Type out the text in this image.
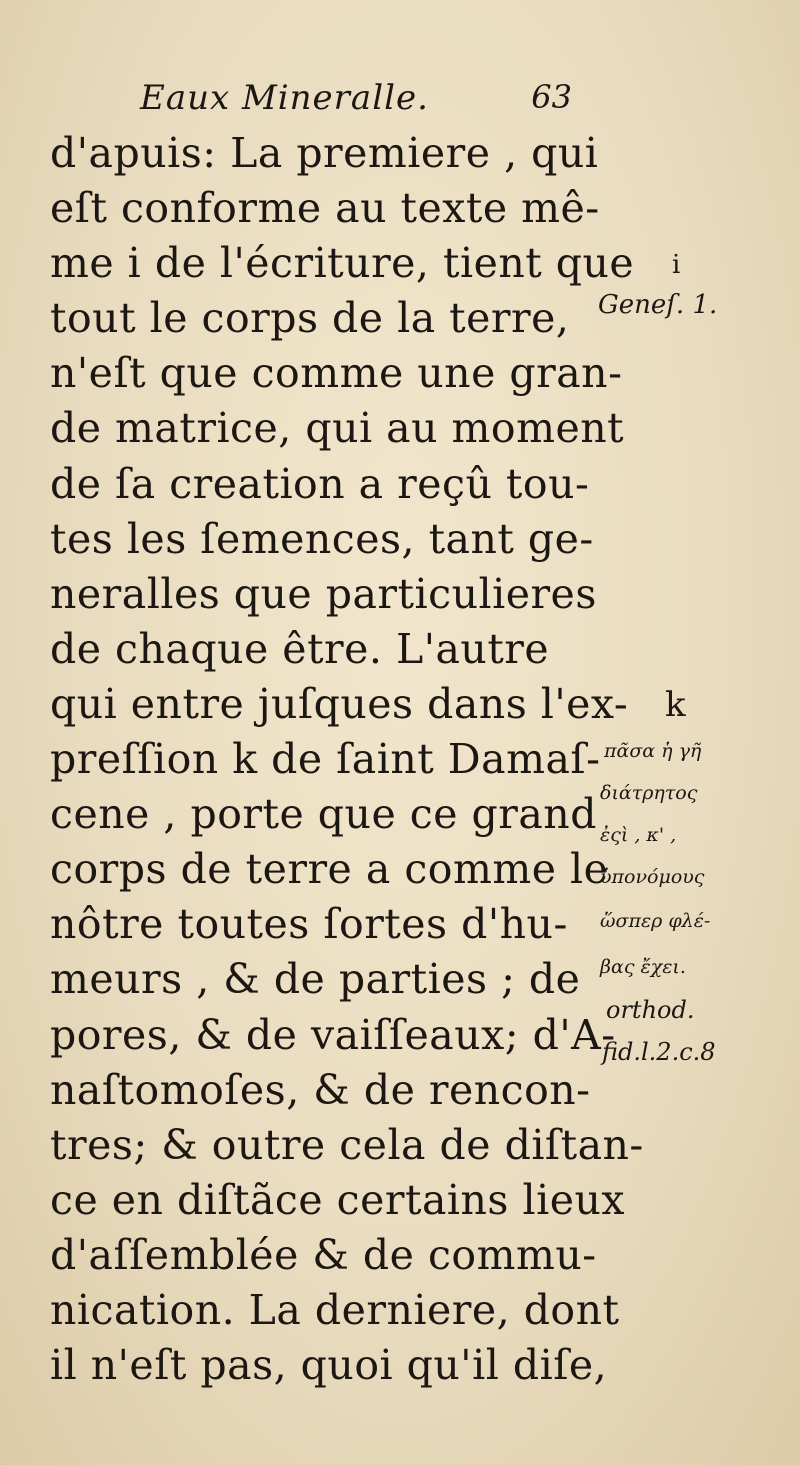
Eaux Mineralle.	63
d'apuis: La premiere , qui
eſt conforme au texte mê-
me i de l'écriture, tient que
tout le corps de la terre,
n'eſt que comme une gran-
de matrice, qui au moment
de ſa creation a reçû tou-
tes les ſemences, tant ge-
neralles que particulieres
de chaque être. L'autre
qui entre juſques dans l'ex-
preſſion k de ſaint Damaſ-
cene , porte que ce grand
corps de terre a comme le
nôtre toutes ſortes d'hu-
meurs , & de parties ; de
pores, & de vaiſſeaux; d'A-
naſtomoſes, & de rencon-
tres; & outre cela de diſtan-
ce en diſtãce certains lieux
d'aſſemblée & de commu-
nication. La derniere, dont
il n'eſt pas, quoi qu'il diſe,
i
Geneſ. 1.
k
πᾶσα ἡ γῆ
διάτρητος
ἐςὶ , κ' ,
ὑπονόμους
ὥσπερ φλέ-
βας ἔχει.
orthod.
fid.l.2.c.8
